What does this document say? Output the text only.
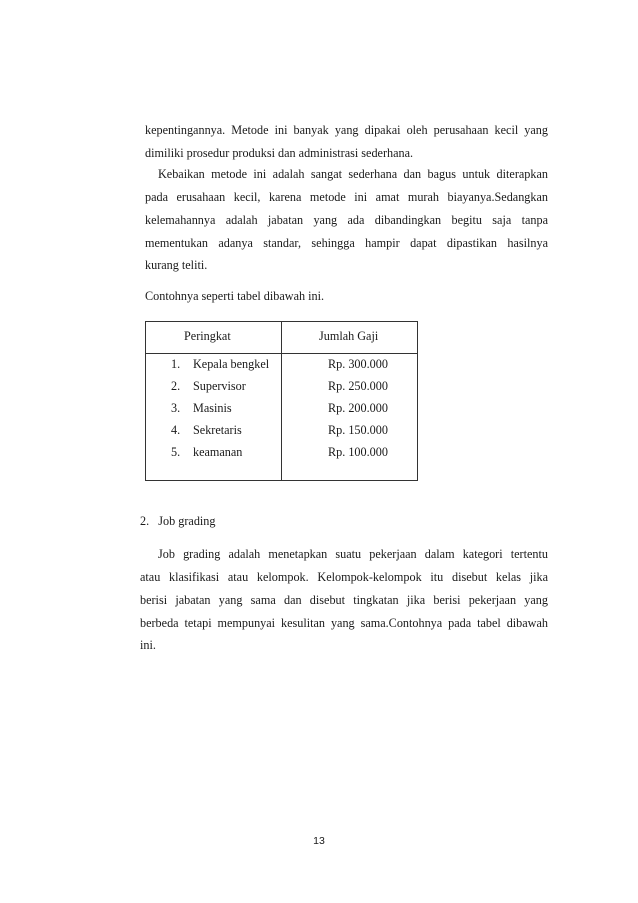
kepentingannya. Metode ini banyak yang dipakai oleh perusahaan kecil yang
dimiliki prosedur produksi dan administrasi sederhana.
Kebaikan metode ini adalah sangat sederhana dan bagus untuk diterapkan
pada erusahaan kecil, karena metode ini amat murah biayanya.Sedangkan
kelemahannya adalah jabatan yang ada dibandingkan begitu saja tanpa
mementukan adanya standar, sehingga hampir dapat dipastikan hasilnya
kurang teliti.
Contohnya seperti tabel dibawah ini.
Peringkat	Jumlah Gaji
1. Kepala bengkel	Rp. 300.000
2. Supervisor	Rp. 250.000
3. Masinis	Rp. 200.000
4. Sekretaris	Rp. 150.000
5. keamanan	Rp. 100.000
2.   Job grading
Job grading adalah menetapkan suatu pekerjaan dalam kategori tertentu
atau klasifikasi atau kelompok. Kelompok-kelompok itu disebut kelas jika
berisi jabatan yang sama dan disebut tingkatan jika berisi pekerjaan yang
berbeda tetapi mempunyai kesulitan yang sama.Contohnya pada tabel dibawah
ini.
13
